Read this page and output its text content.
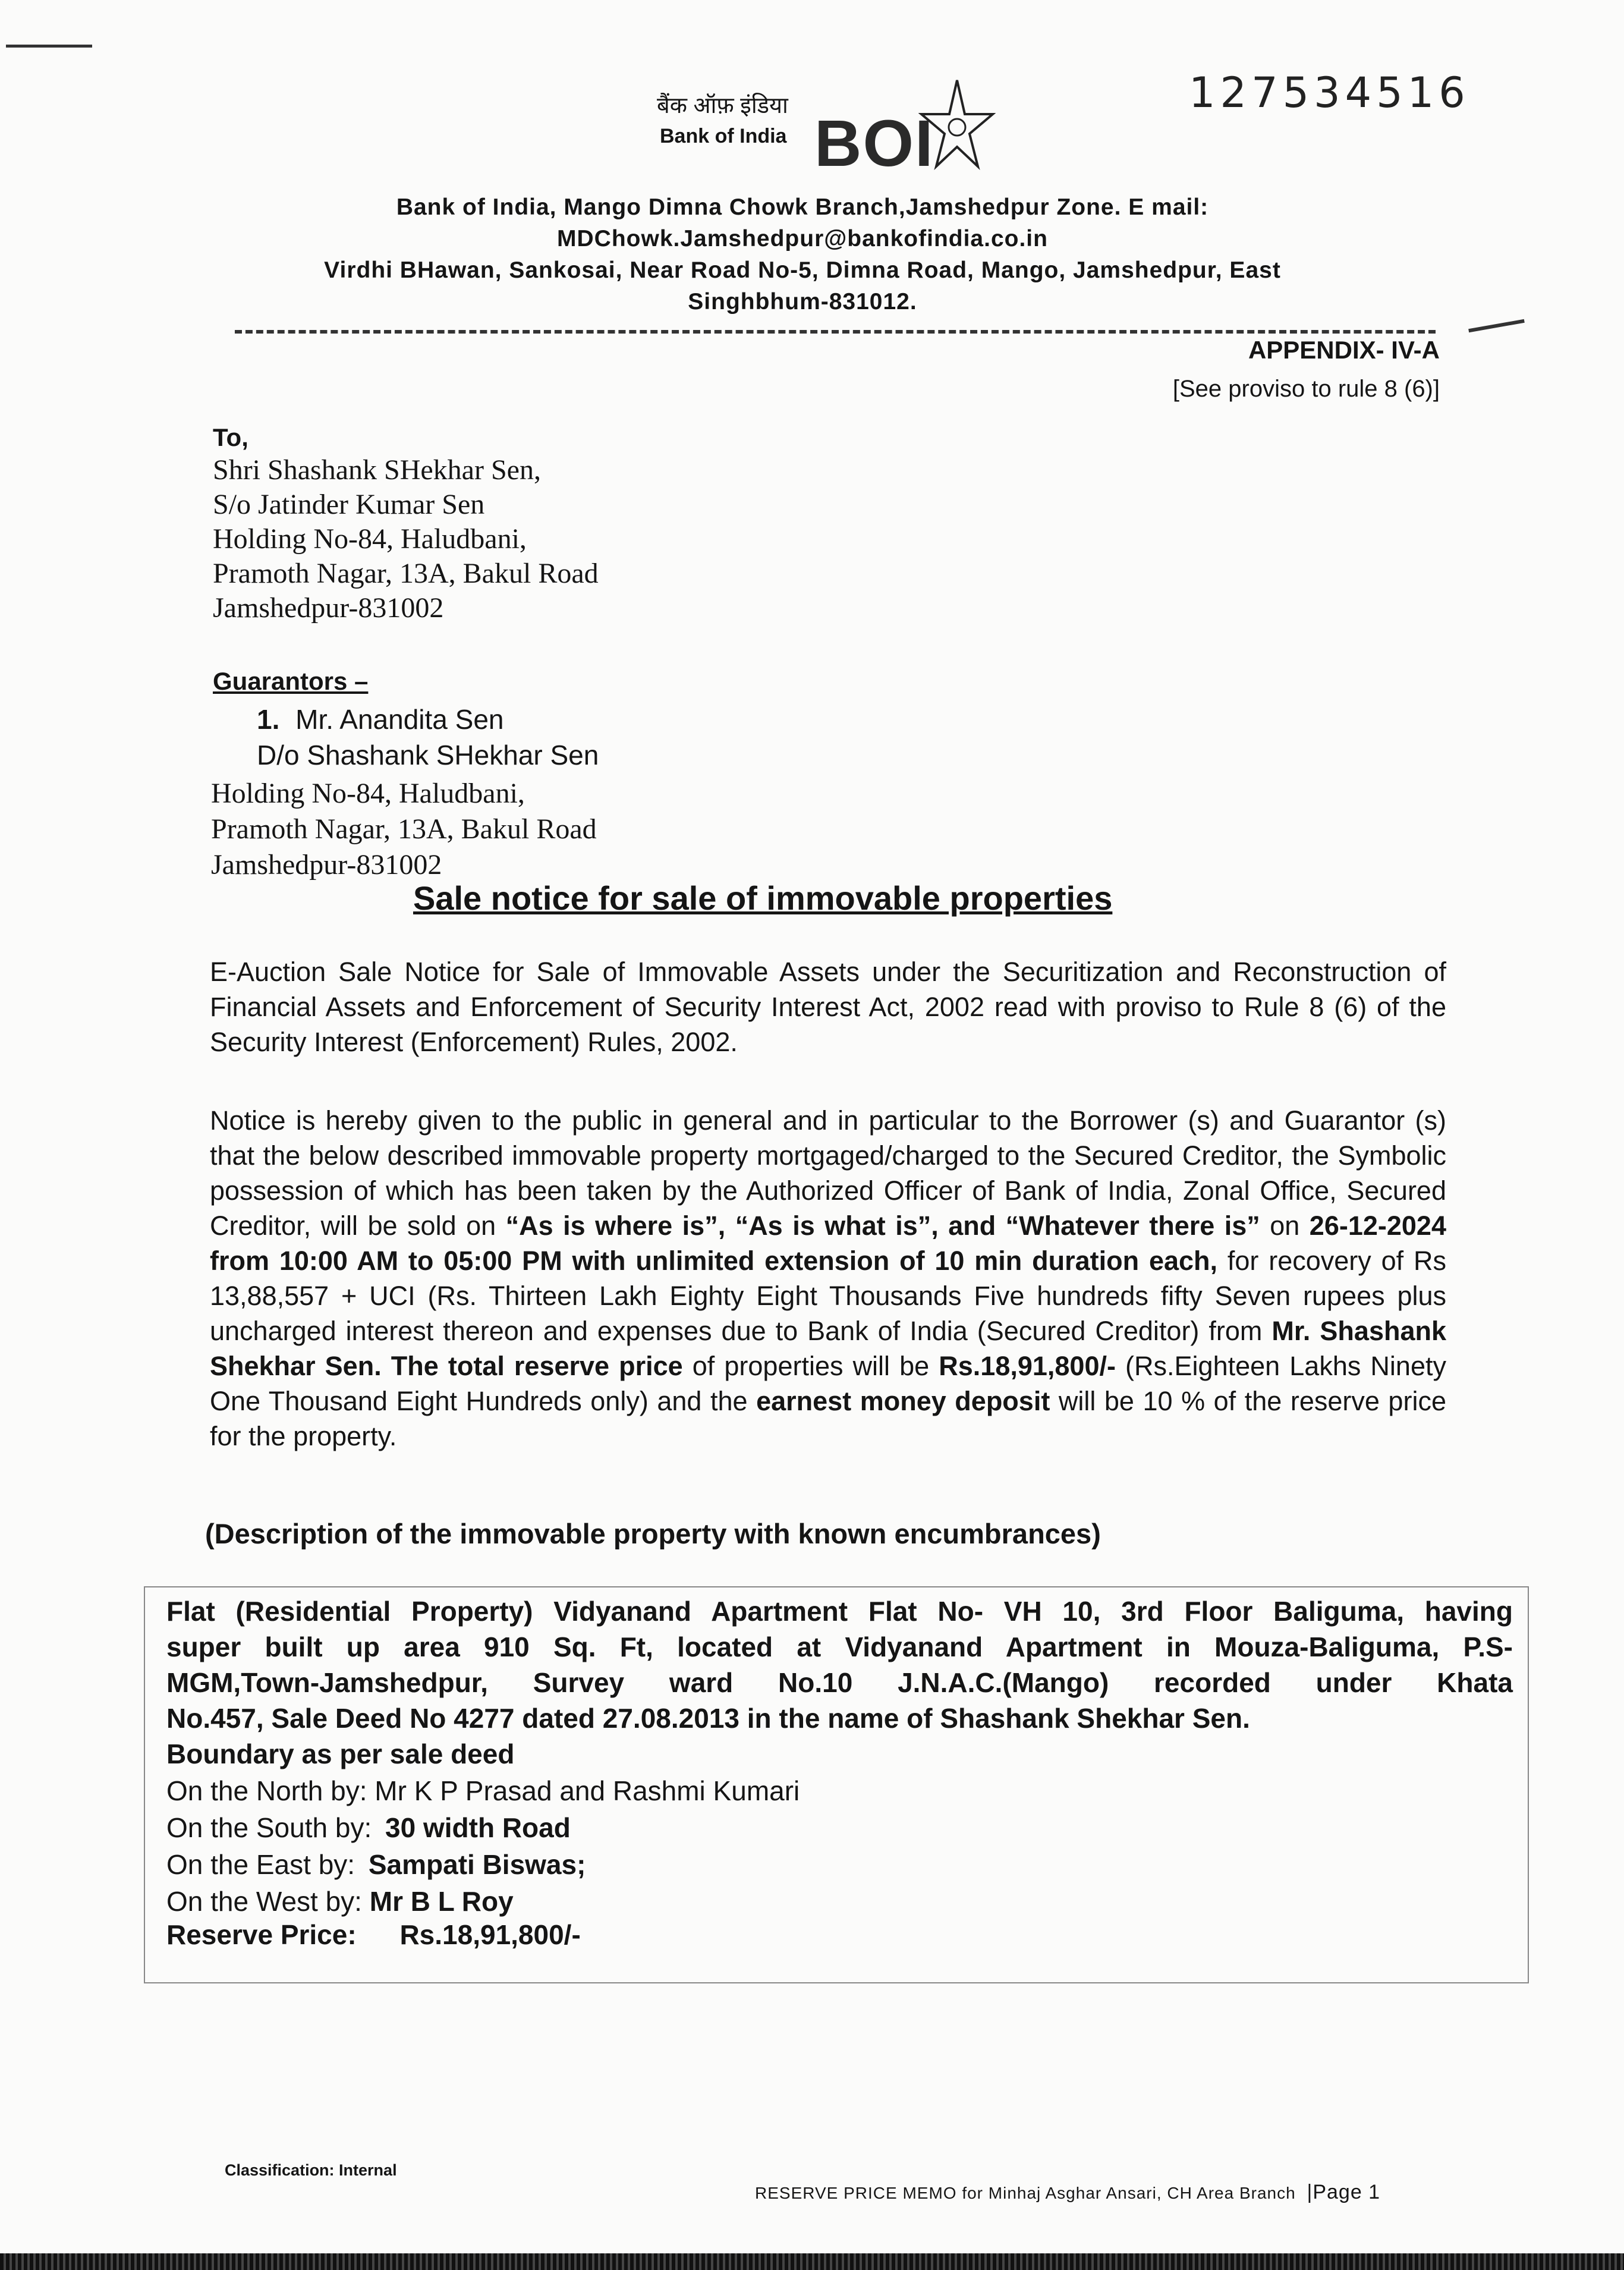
127534516
बैंक ऑफ़ इंडिया
Bank of India BOI
Bank of India, Mango Dimna Chowk Branch,Jamshedpur Zone. E mail:
MDChowk.Jamshedpur@bankofindia.co.in
Virdhi BHawan, Sankosai, Near Road No-5, Dimna Road, Mango, Jamshedpur, East
Singhbhum-831012.
APPENDIX- IV-A
[See proviso to rule 8 (6)]
To,
Shri Shashank SHekhar Sen,
S/o Jatinder Kumar Sen
Holding No-84, Haludbani,
Pramoth Nagar, 13A, Bakul Road
Jamshedpur-831002
Guarantors –
1. Mr. Anandita Sen
D/o Shashank SHekhar Sen
Holding No-84, Haludbani,
Pramoth Nagar, 13A, Bakul Road
Jamshedpur-831002
Sale notice for sale of immovable properties
E-Auction Sale Notice for Sale of Immovable Assets under the Securitization and Reconstruction of Financial Assets and Enforcement of Security Interest Act, 2002 read with proviso to Rule 8 (6) of the Security Interest (Enforcement) Rules, 2002.
Notice is hereby given to the public in general and in particular to the Borrower (s) and Guarantor (s) that the below described immovable property mortgaged/charged to the Secured Creditor, the Symbolic possession of which has been taken by the Authorized Officer of Bank of India, Zonal Office, Secured Creditor, will be sold on “As is where is”, “As is what is”, and “Whatever there is” on 26-12-2024 from 10:00 AM to 05:00 PM with unlimited extension of 10 min duration each, for recovery of Rs 13,88,557 + UCI (Rs. Thirteen Lakh Eighty Eight Thousands Five hundreds fifty Seven rupees plus uncharged interest thereon and expenses due to Bank of India (Secured Creditor) from Mr. Shashank Shekhar Sen. The total reserve price of properties will be Rs.18,91,800/- (Rs.Eighteen Lakhs Ninety One Thousand Eight Hundreds only) and the earnest money deposit will be 10 % of the reserve price for the property.
(Description of the immovable property with known encumbrances)
Flat (Residential Property) Vidyanand Apartment Flat No- VH 10, 3rd Floor Baliguma, having
super built up area 910 Sq. Ft, located at Vidyanand Apartment in Mouza-Baliguma, P.S-
MGM,Town-Jamshedpur, Survey ward No.10 J.N.A.C.(Mango) recorded under Khata
No.457, Sale Deed No 4277 dated 27.08.2013 in the name of Shashank Shekhar Sen.
Boundary as per sale deed
On the North by: Mr K P Prasad and Rashmi Kumari
On the South by: 30 width Road
On the East by: Sampati Biswas;
On the West by: Mr B L Roy
Reserve Price: Rs.18,91,800/-
Classification: Internal
RESERVE PRICE MEMO for Minhaj Asghar Ansari, CH Area Branch |Page 1
